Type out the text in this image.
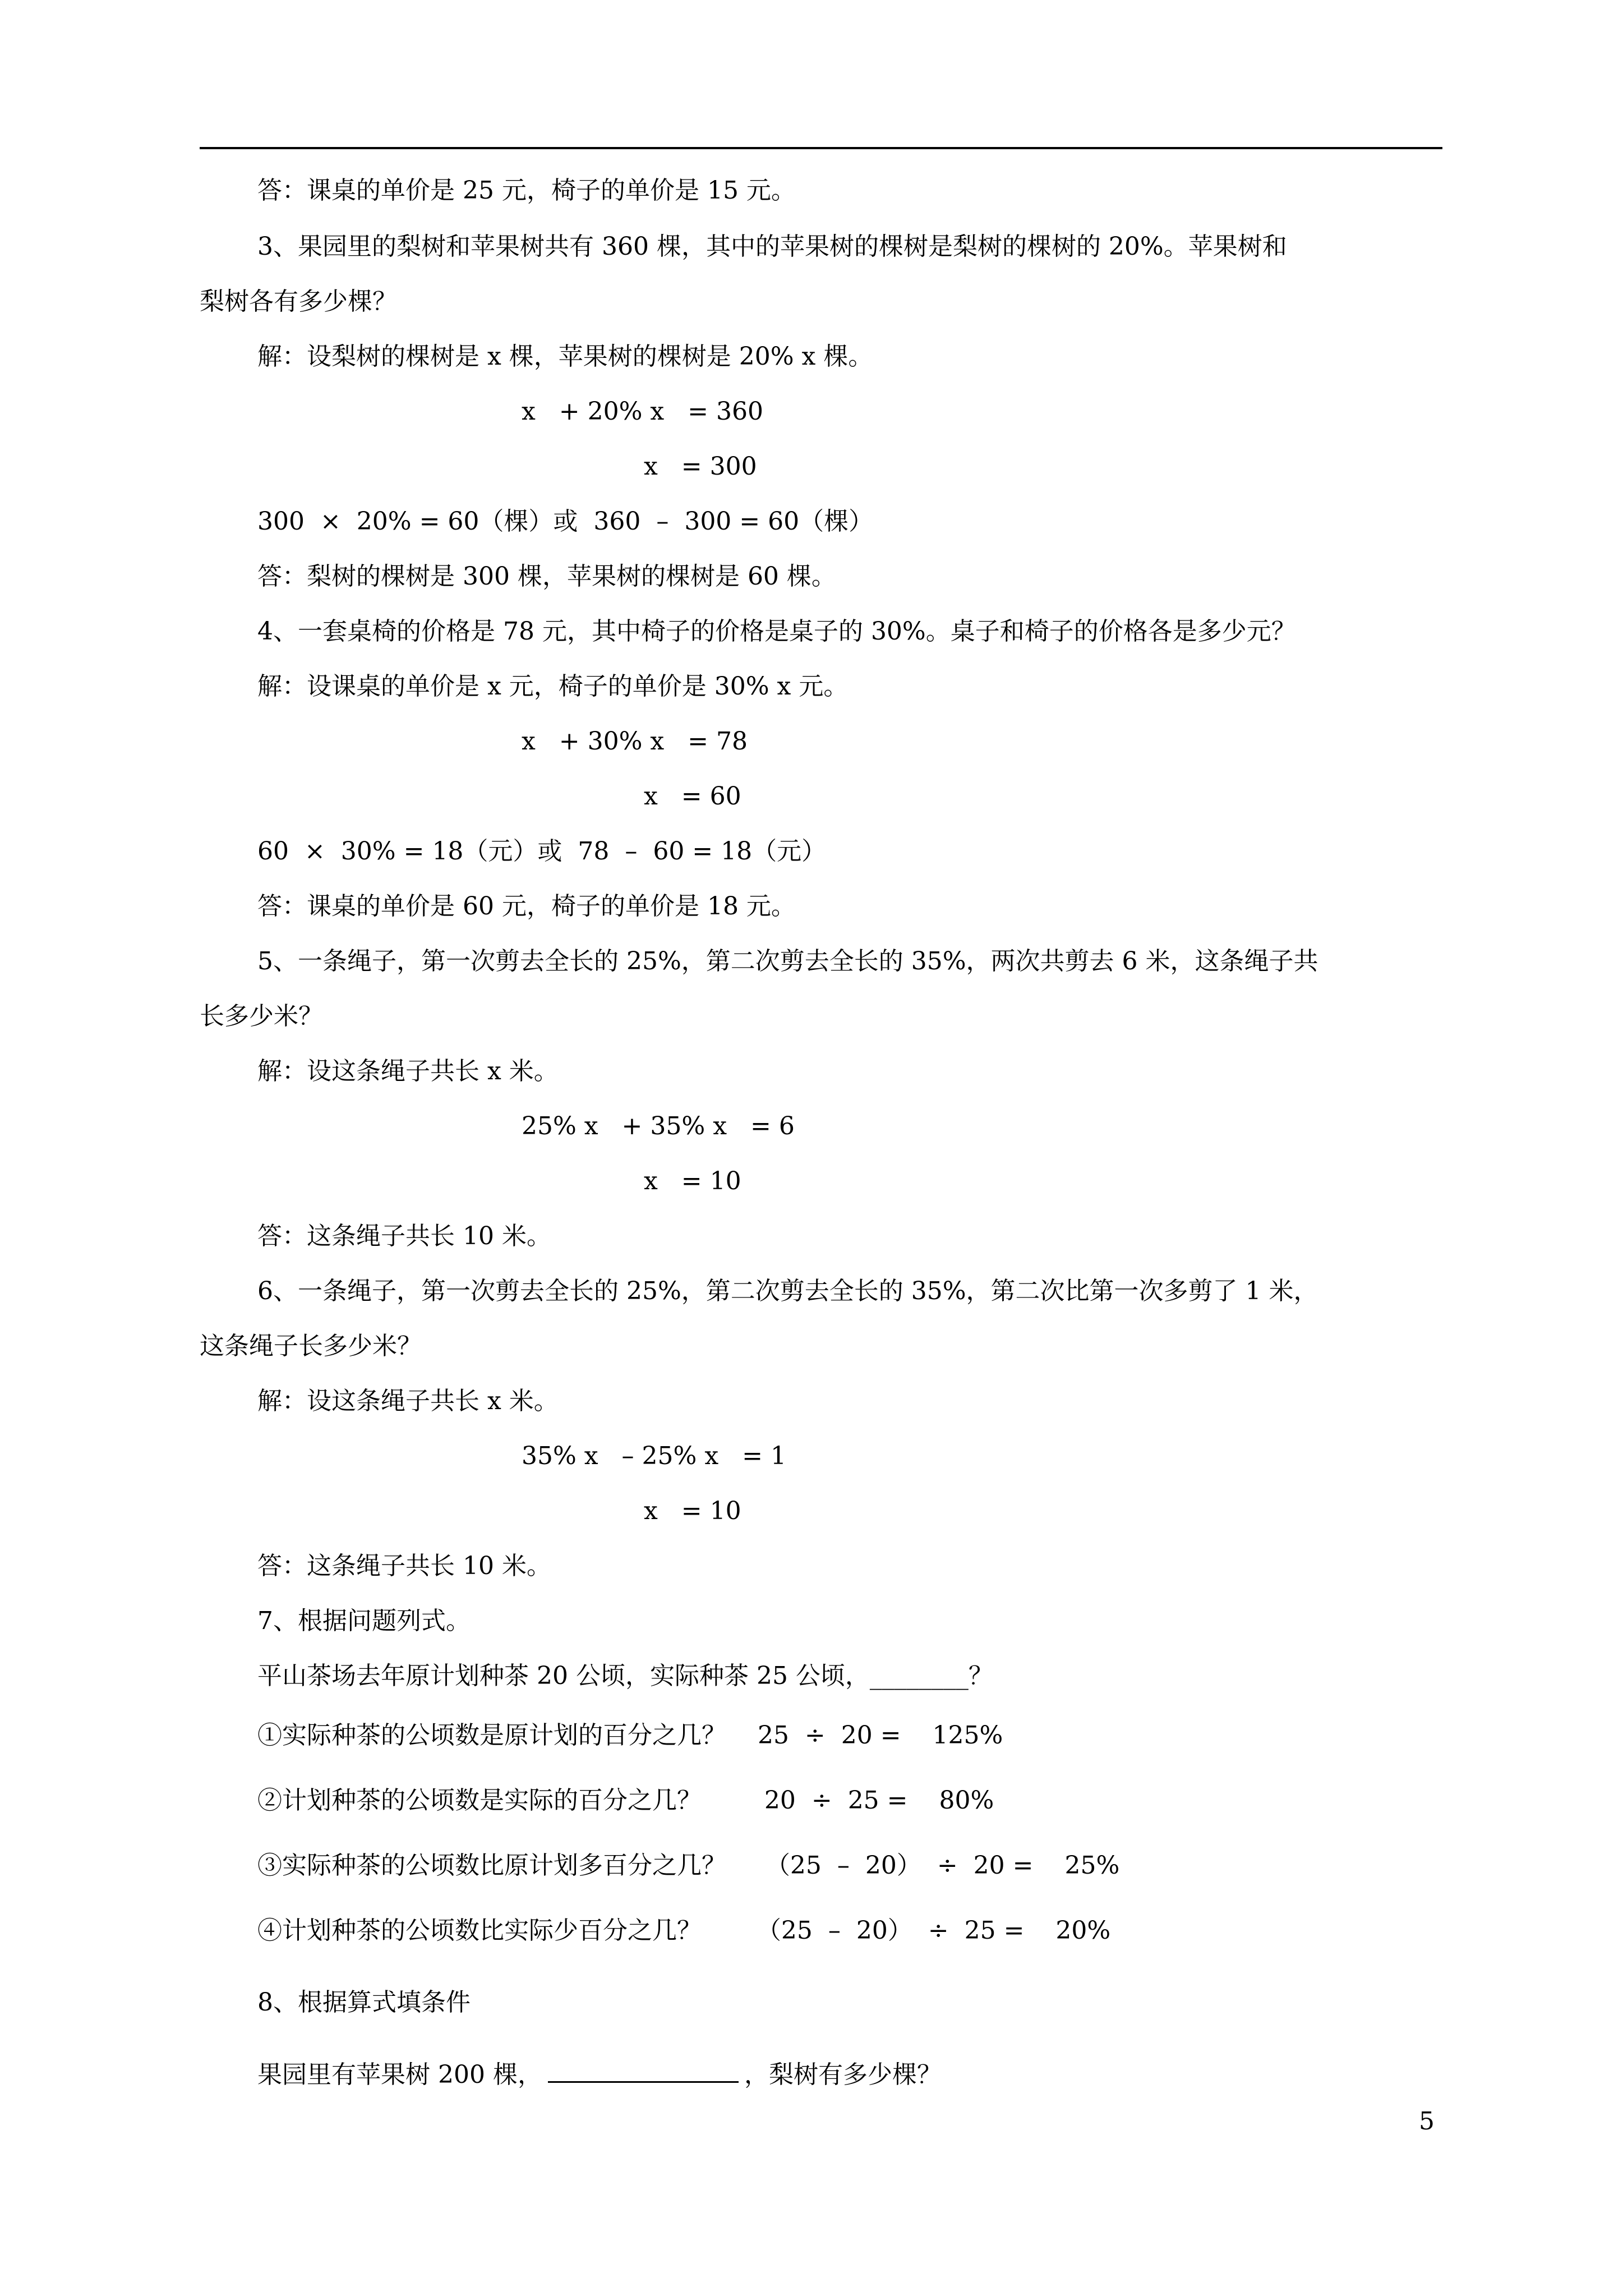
答：课桌的单价是 25 元，椅子的单价是 15 元。

3、果园里的梨树和苹果树共有 360 棵，其中的苹果树的棵树是梨树的棵树的 20%。苹果树和

梨树各有多少棵？

解：设梨树的棵树是 x 棵，苹果树的棵树是 20% x 棵。

x   + 20% x   = 360

x   = 300

300  ×  20% = 60（棵）或  360  –  300 = 60（棵）

答：梨树的棵树是 300 棵，苹果树的棵树是 60 棵。

4、一套桌椅的价格是 78 元，其中椅子的价格是桌子的 30%。桌子和椅子的价格各是多少元？

解：设课桌的单价是 x 元，椅子的单价是 30% x 元。

x   + 30% x   = 78

x   = 60

60  ×  30% = 18（元）或  78  –  60 = 18（元）

答：课桌的单价是 60 元，椅子的单价是 18 元。

5、一条绳子，第一次剪去全长的 25%，第二次剪去全长的 35%，两次共剪去 6 米，这条绳子共

长多少米？

解：设这条绳子共长 x 米。

25% x   + 35% x   = 6

x   = 10

答：这条绳子共长 10 米。

6、一条绳子，第一次剪去全长的 25%，第二次剪去全长的 35%，第二次比第一次多剪了 1 米，

这条绳子长多少米？

解：设这条绳子共长 x 米。

35% x   – 25% x   = 1

x   = 10

答：这条绳子共长 10 米。

7、根据问题列式。

平山茶场去年原计划种茶 20 公顷，实际种茶 25 公顷，________？

①实际种茶的公顷数是原计划的百分之几？    25  ÷  20 =    125%

②计划种茶的公顷数是实际的百分之几？        20  ÷  25 =    80%

③实际种茶的公顷数比原计划多百分之几？     （25  –  20）  ÷  20 =    25%

④计划种茶的公顷数比实际少百分之几？       （25  –  20）  ÷  25 =    20%

8、根据算式填条件

果园里有苹果树 200 棵，	，梨树有多少棵？

5
